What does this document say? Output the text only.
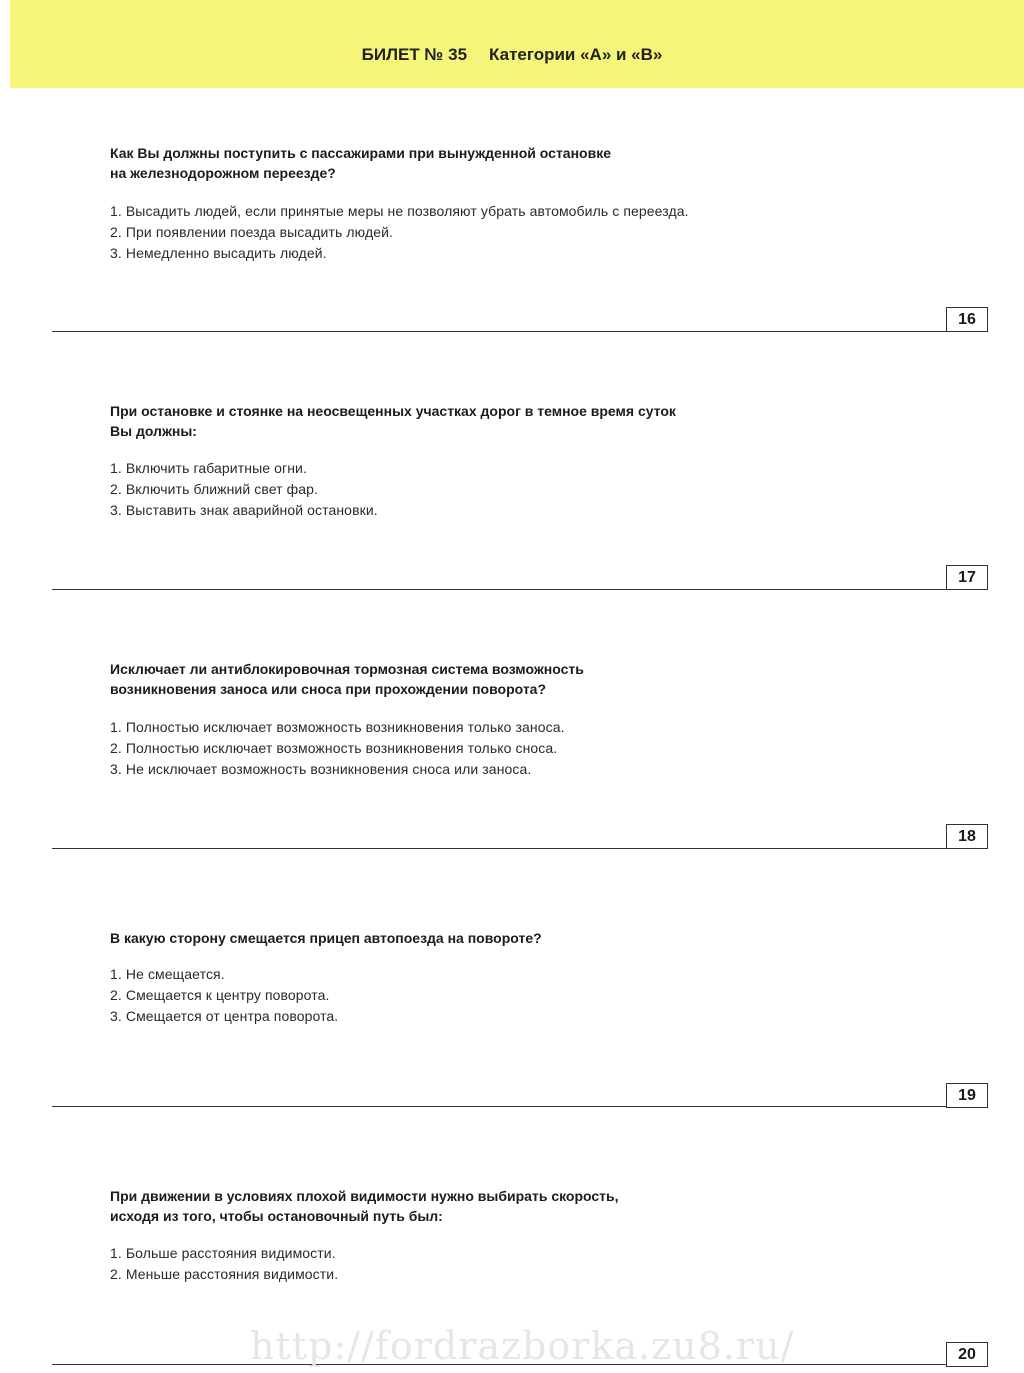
БИЛЕТ № 35 Категории «А» и «В»
Как Вы должны поступить с пассажирами при вынужденной остановке
на железнодорожном переезде?
1. Высадить людей, если принятые меры не позволяют убрать автомобиль с переезда.
2. При появлении поезда высадить людей.
3. Немедленно высадить людей.
16
При остановке и стоянке на неосвещенных участках дорог в темное время суток
Вы должны:
1. Включить габаритные огни.
2. Включить ближний свет фар.
3. Выставить знак аварийной остановки.
17
Исключает ли антиблокировочная тормозная система возможность
возникновения заноса или сноса при прохождении поворота?
1. Полностью исключает возможность возникновения только заноса.
2. Полностью исключает возможность возникновения только сноса.
3. Не исключает возможность возникновения сноса или заноса.
18
В какую сторону смещается прицеп автопоезда на повороте?
1. Не смещается.
2. Смещается к центру поворота.
3. Смещается от центра поворота.
19
При движении в условиях плохой видимости нужно выбирать скорость,
исходя из того, чтобы остановочный путь был:
1. Больше расстояния видимости.
2. Меньше расстояния видимости.
20
http://fordrazborka.zu8.ru/
